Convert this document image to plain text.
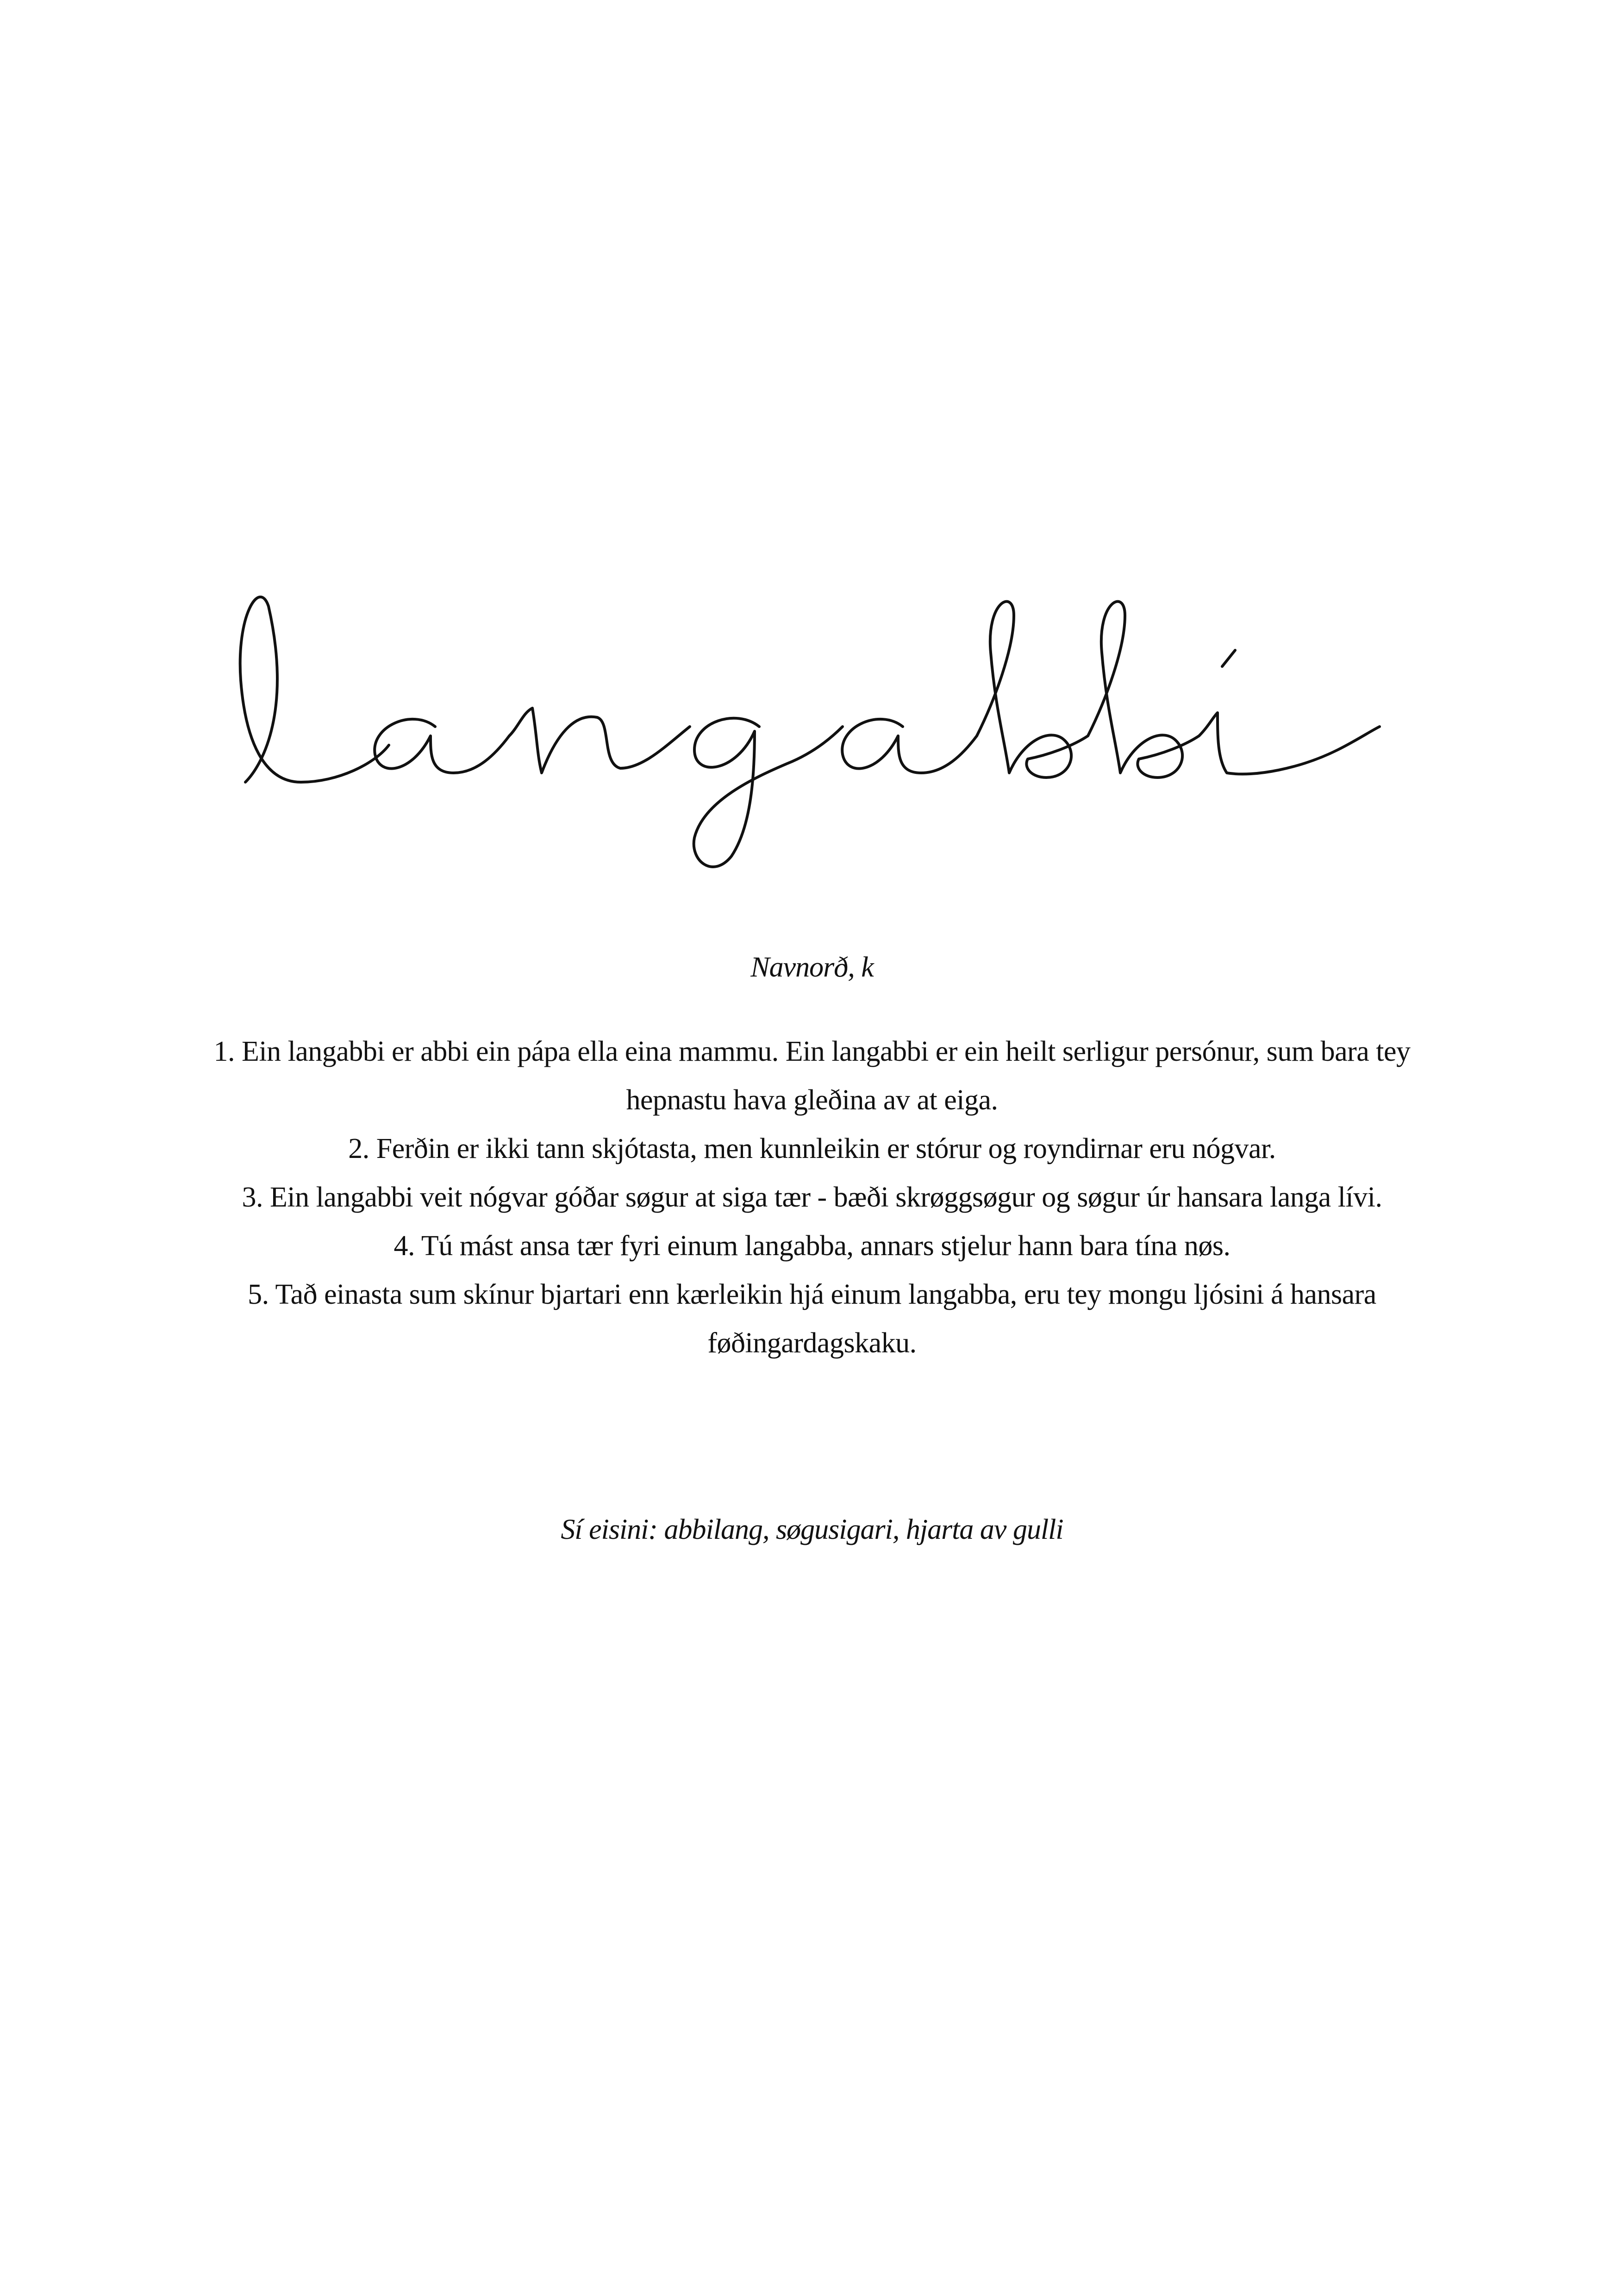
Navnorð, k

1. Ein langabbi er abbi ein pápa ella eina mammu. Ein langabbi er ein heilt serligur persónur, sum bara tey hepnastu hava gleðina av at eiga.

2. Ferðin er ikki tann skjótasta, men kunnleikin er stórur og royndirnar eru nógvar.

3. Ein langabbi veit nógvar góðar søgur at siga tær - bæði skrøggsøgur og søgur úr hansara langa lívi.

4. Tú mást ansa tær fyri einum langabba, annars stjelur hann bara tína nøs.

5. Tað einasta sum skínur bjartari enn kærleikin hjá einum langabba, eru tey mongu ljósini á hansara føðingardagskaku.

Sí eisini: abbilang, søgusigari, hjarta av gulli
